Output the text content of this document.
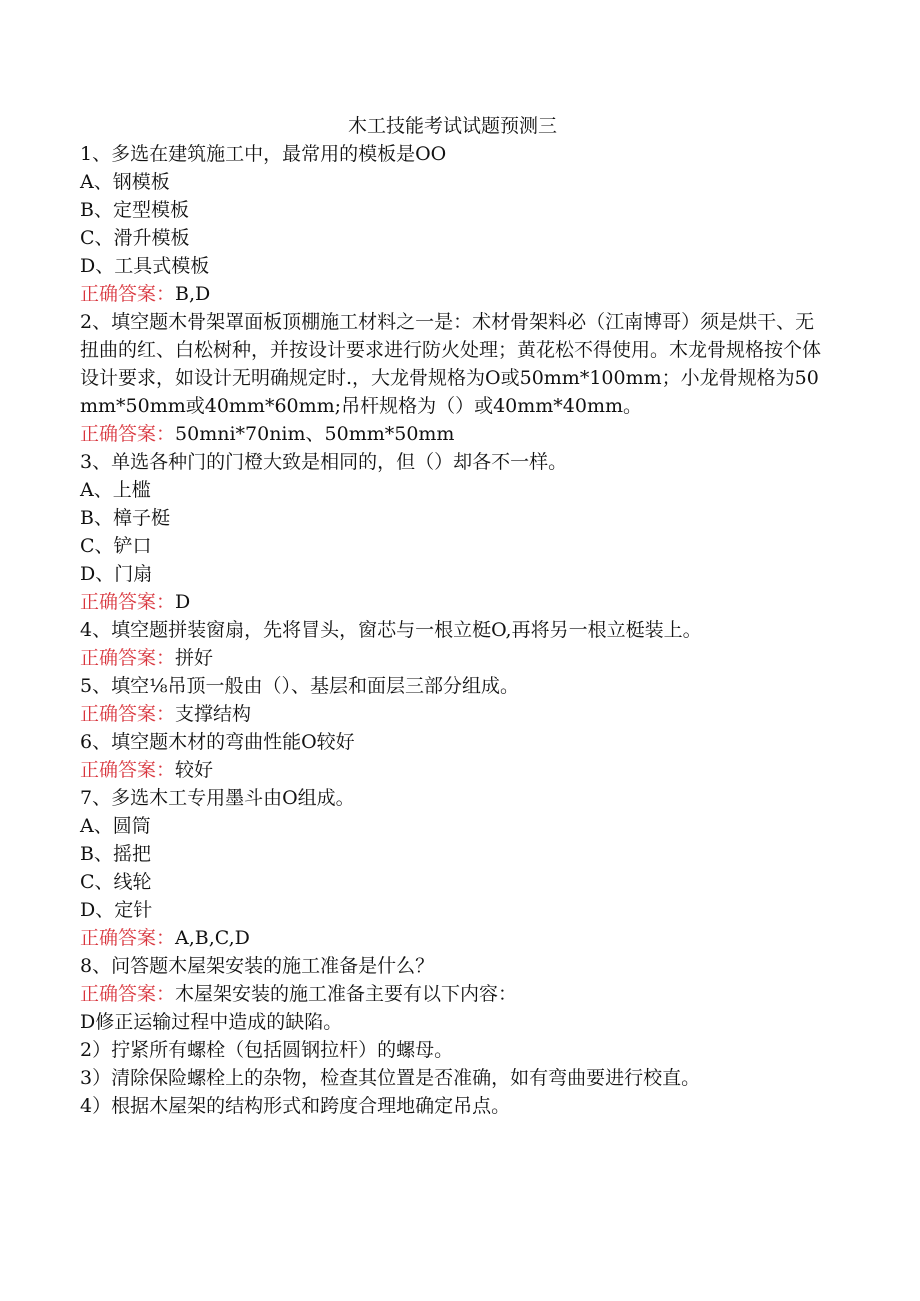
木工技能考试试题预测三
1、多选在建筑施工中，最常用的模板是OO
A、钢模板
B、定型模板
C、滑升模板
D、工具式模板
正确答案：B,D
2、填空题木骨架罩面板顶棚施工材料之一是：术材骨架料必（江南博哥）须是烘干、无扭曲的红、白松树种，并按设计要求进行防火处理；黄花松不得使用。木龙骨规格按个体设计要求，如设计无明确规定时.，大龙骨规格为O或50mm*100mm；小龙骨规格为50mm*50mm或40mm*60mm;吊杆规格为（）或40mm*40mm。
正确答案：50mni*70nim、50mm*50mm
3、单选各种门的门橙大致是相同的，但（）却各不一样。
A、上槛
B、樟子梃
C、铲口
D、门扇
正确答案：D
4、填空题拼装窗扇，先将冒头，窗芯与一根立梃O,再将另一根立梃装上。
正确答案：拼好
5、填空⅛吊顶一般由（）、基层和面层三部分组成。
正确答案：支撑结构
6、填空题木材的弯曲性能O较好
正确答案：较好
7、多选木工专用墨斗由O组成。
A、圆筒
B、摇把
C、线轮
D、定针
正确答案：A,B,C,D
8、问答题木屋架安装的施工准备是什么？
正确答案：木屋架安装的施工准备主要有以下内容：
D修正运输过程中造成的缺陷。
2）拧紧所有螺栓（包括圆钢拉杆）的螺母。
3）清除保险螺栓上的杂物，检查其位置是否准确，如有弯曲要进行校直。
4）根据木屋架的结构形式和跨度合理地确定吊点。
